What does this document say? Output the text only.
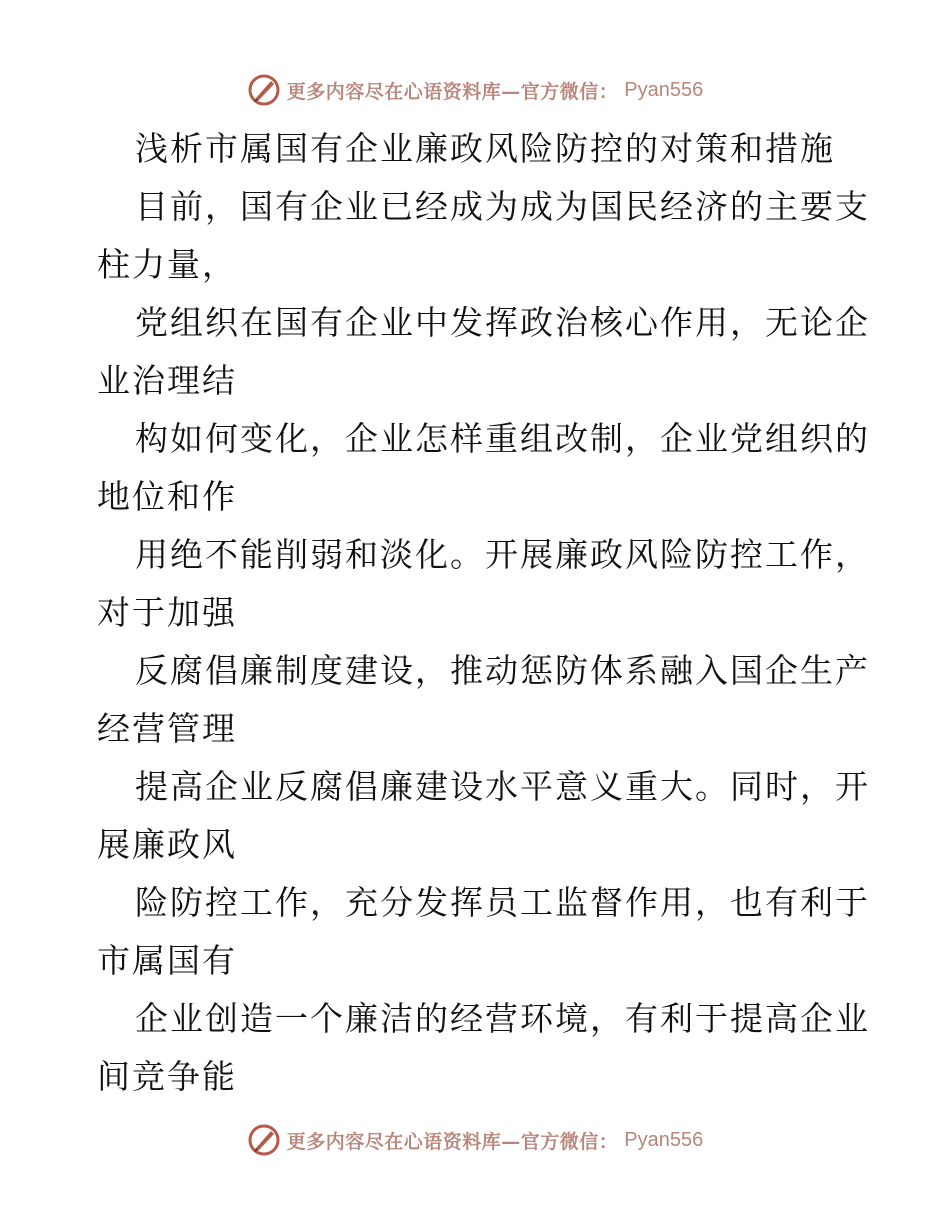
更多内容尽在心语资料库—官方微信： Pyan556
浅析市属国有企业廉政风险防控的对策和措施
目前，国有企业已经成为成为国民经济的主要支
柱力量，
党组织在国有企业中发挥政治核心作用，无论企
业治理结
构如何变化，企业怎样重组改制，企业党组织的
地位和作
用绝不能削弱和淡化。开展廉政风险防控工作，
对于加强
反腐倡廉制度建设，推动惩防体系融入国企生产
经营管理
提高企业反腐倡廉建设水平意义重大。同时，开
展廉政风
险防控工作，充分发挥员工监督作用，也有利于
市属国有
企业创造一个廉洁的经营环境，有利于提高企业
间竞争能
更多内容尽在心语资料库—官方微信： Pyan556
